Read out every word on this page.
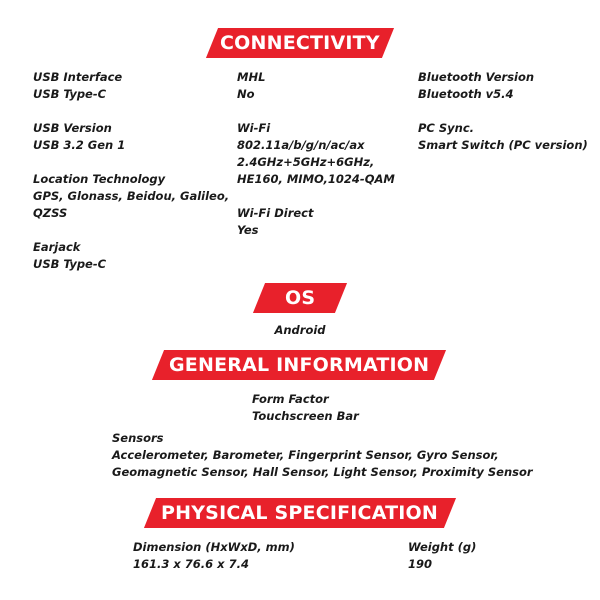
CONNECTIVITY
USB Interface
USB Type-C
USB Version
USB 3.2 Gen 1
Location Technology
GPS, Glonass, Beidou, Galileo,
QZSS
Earjack
USB Type-C
MHL
No
Wi-Fi
802.11a/b/g/n/ac/ax
2.4GHz+5GHz+6GHz,
HE160, MIMO,1024-QAM
Wi-Fi Direct
Yes
Bluetooth Version
Bluetooth v5.4
PC Sync.
Smart Switch (PC version)
OS
Android
GENERAL INFORMATION
Form Factor
Touchscreen Bar
Sensors
Accelerometer, Barometer, Fingerprint Sensor, Gyro Sensor,
Geomagnetic Sensor, Hall Sensor, Light Sensor, Proximity Sensor
PHYSICAL SPECIFICATION
Dimension (HxWxD, mm)
161.3 x 76.6 x 7.4
Weight (g)
190
